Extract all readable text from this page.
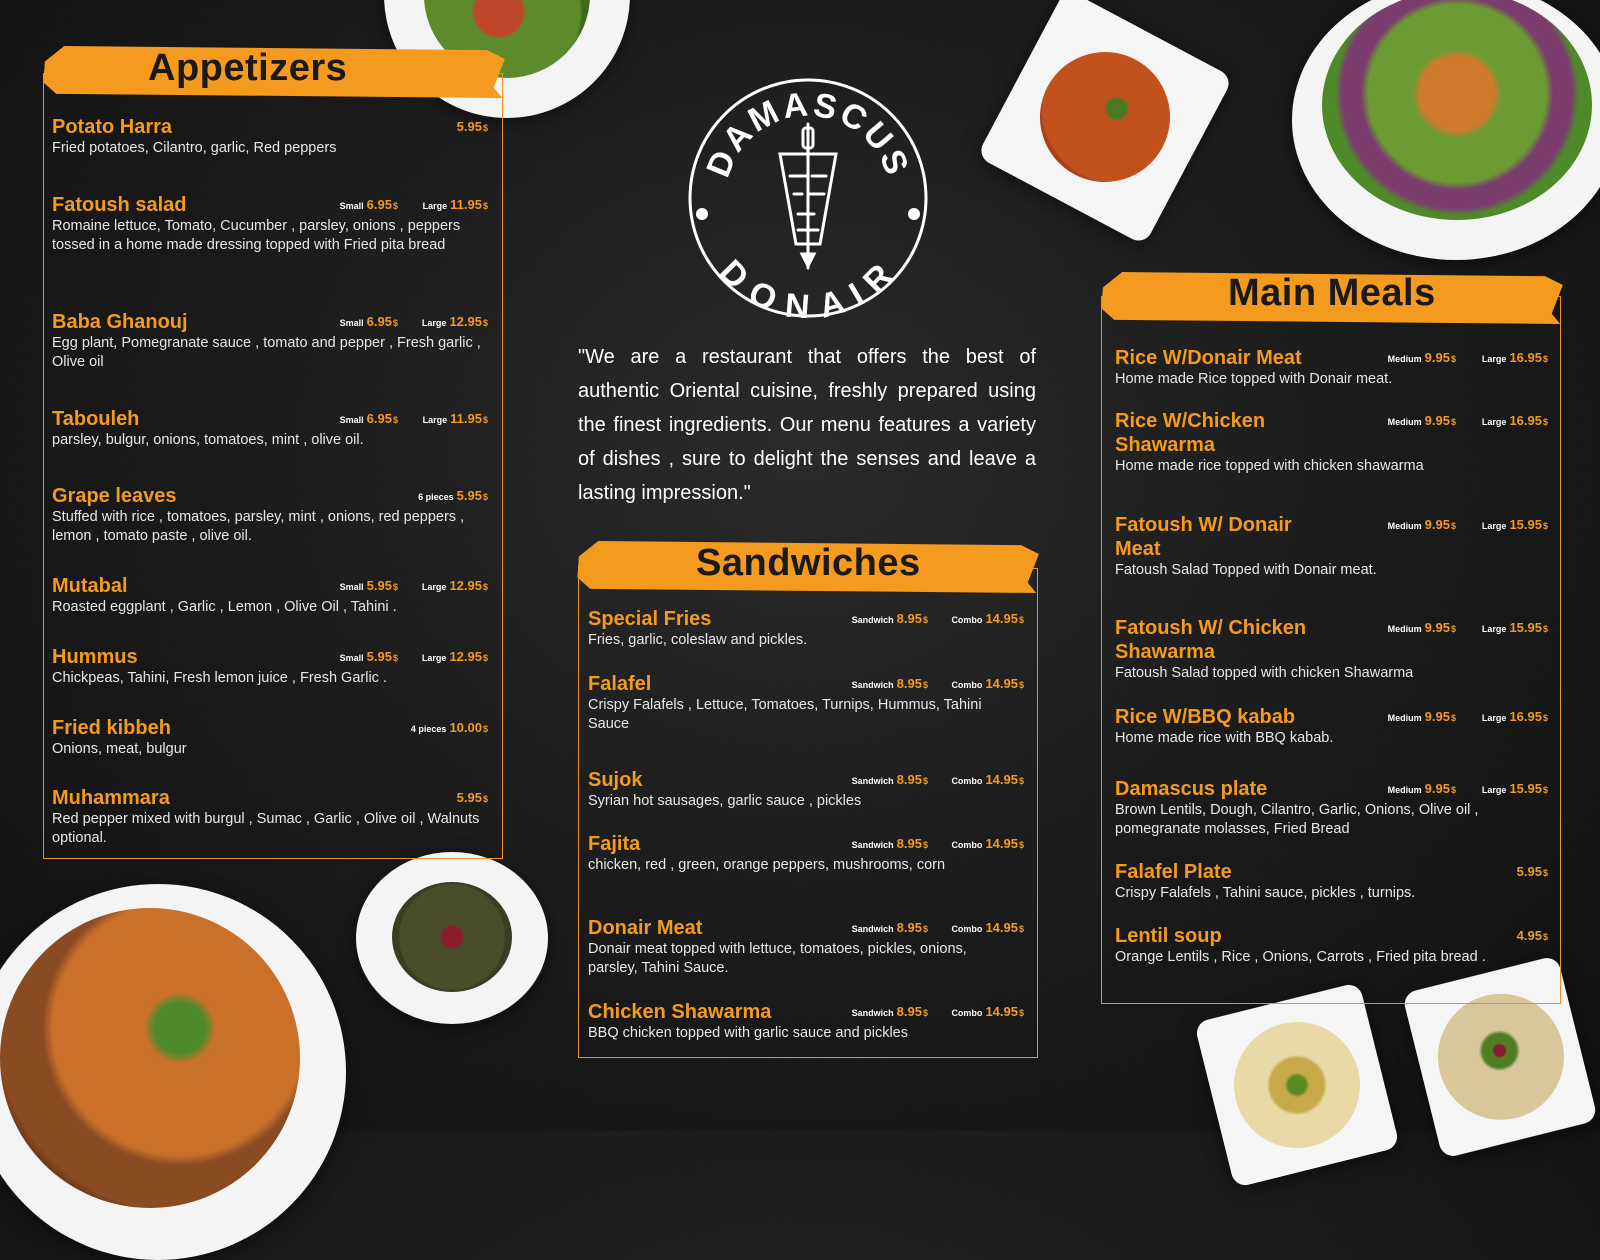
DAMASCUS
DONAIR
"We are a restaurant that offers the best of authentic Oriental cuisine, freshly prepared using the finest ingredients. Our menu features a variety of dishes , sure to delight the senses and leave a lasting impression."
Appetizers
Potato Harra
Fried potatoes, Cilantro, garlic, Red peppers
5.95$
Fatoush salad
Romaine lettuce, Tomato, Cucumber , parsley, onions , peppers tossed in a home made dressing topped with Fried pita bread
Small 6.95$	Large 11.95$
Baba Ghanouj
Egg plant, Pomegranate sauce , tomato and pepper , Fresh garlic , Olive oil
Small 6.95$	Large 12.95$
Tabouleh
parsley, bulgur, onions, tomatoes, mint , olive oil.
Small 6.95$	Large 11.95$
Grape leaves
Stuffed with rice , tomatoes, parsley, mint , onions, red peppers , lemon , tomato paste , olive oil.
6 pieces 5.95$
Mutabal
Roasted eggplant , Garlic , Lemon , Olive Oil , Tahini .
Small 5.95$	Large 12.95$
Hummus
Chickpeas, Tahini, Fresh lemon juice , Fresh Garlic .
Small 5.95$	Large 12.95$
Fried kibbeh
Onions, meat, bulgur
4 pieces 10.00$
Muhammara
Red pepper mixed with burgul , Sumac , Garlic , Olive oil , Walnuts optional.
5.95$
Sandwiches
Special Fries
Fries, garlic, coleslaw and pickles.
Sandwich 8.95$	Combo 14.95$
Falafel
Crispy Falafels , Lettuce, Tomatoes, Turnips, Hummus, Tahini Sauce
Sandwich 8.95$	Combo 14.95$
Sujok
Syrian hot sausages, garlic sauce , pickles
Sandwich 8.95$	Combo 14.95$
Fajita
chicken, red , green, orange peppers, mushrooms, corn
Sandwich 8.95$	Combo 14.95$
Donair Meat
Donair meat topped with lettuce, tomatoes, pickles, onions, parsley, Tahini Sauce.
Sandwich 8.95$	Combo 14.95$
Chicken Shawarma
BBQ chicken topped with garlic sauce and pickles
Sandwich 8.95$	Combo 14.95$
Main Meals
Rice W/Donair Meat
Home made Rice topped with Donair meat.
Medium 9.95$	Large 16.95$
Rice W/Chicken Shawarma
Home made rice topped with chicken shawarma
Medium 9.95$	Large 16.95$
Fatoush W/ Donair Meat
Fatoush Salad Topped with Donair meat.
Medium 9.95$	Large 15.95$
Fatoush W/ Chicken Shawarma
Fatoush Salad topped with chicken Shawarma
Medium 9.95$	Large 15.95$
Rice W/BBQ kabab
Home made rice with BBQ kabab.
Medium 9.95$	Large 16.95$
Damascus plate
Brown Lentils, Dough, Cilantro, Garlic, Onions, Olive oil , pomegranate molasses, Fried Bread
Medium 9.95$	Large 15.95$
Falafel Plate
Crispy Falafels , Tahini sauce, pickles , turnips.
5.95$
Lentil soup
Orange Lentils , Rice , Onions, Carrots , Fried pita bread .
4.95$
